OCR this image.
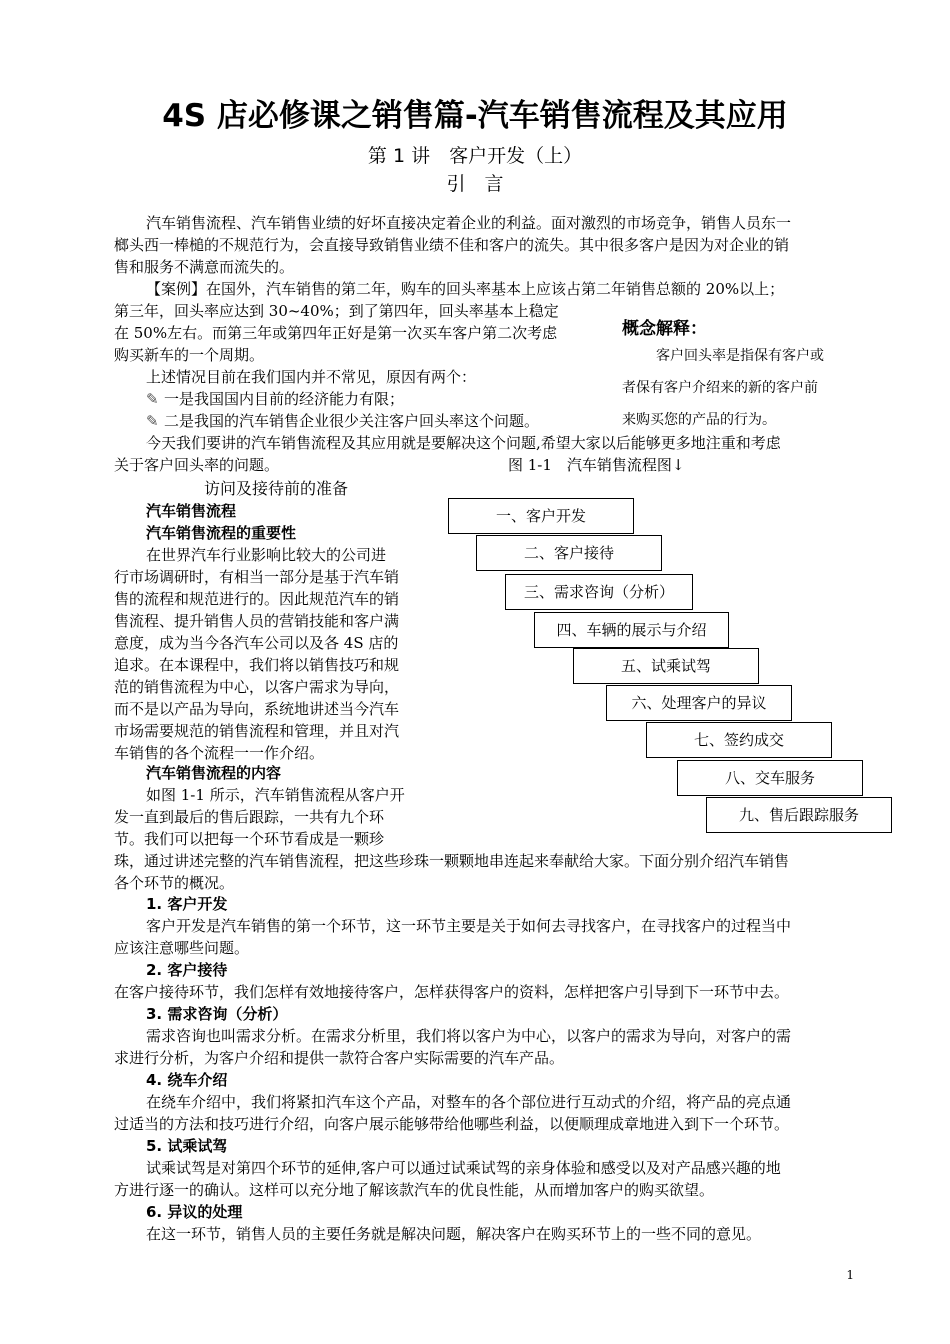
4S 店必修课之销售篇-汽车销售流程及其应用
第 1 讲　客户开发（上）
引　言
汽车销售流程、汽车销售业绩的好坏直接决定着企业的利益。面对激烈的市场竞争，销售人员东一
榔头西一棒槌的不规范行为，会直接导致销售业绩不佳和客户的流失。其中很多客户是因为对企业的销
售和服务不满意而流失的。
【案例】在国外，汽车销售的第二年，购车的回头率基本上应该占第二年销售总额的 20%以上；
第三年，回头率应达到 30~40%；到了第四年，回头率基本上稳定
在 50%左右。而第三年或第四年正好是第一次买车客户第二次考虑
购买新车的一个周期。
上述情况目前在我们国内并不常见，原因有两个：
✎ 一是我国国内目前的经济能力有限；
✎ 二是我国的汽车销售企业很少关注客户回头率这个问题。
今天我们要讲的汽车销售流程及其应用就是要解决这个问题,希望大家以后能够更多地注重和考虑
关于客户回头率的问题。
概念解释：
客户回头率是指保有客户或
者保有客户介绍来的新的客户前
来购买您的产品的行为。
图 1-1　汽车销售流程图↓
访问及接待前的准备
汽车销售流程
汽车销售流程的重要性
在世界汽车行业影响比较大的公司进
行市场调研时，有相当一部分是基于汽车销
售的流程和规范进行的。因此规范汽车的销
售流程、提升销售人员的营销技能和客户满
意度，成为当今各汽车公司以及各 4S 店的
追求。在本课程中，我们将以销售技巧和规
范的销售流程为中心，以客户需求为导向，
而不是以产品为导向，系统地讲述当今汽车
市场需要规范的销售流程和管理，并且对汽
车销售的各个流程一一作介绍。
汽车销售流程的内容
如图 1-1 所示，汽车销售流程从客户开
发一直到最后的售后跟踪，一共有九个环
节。我们可以把每一个环节看成是一颗珍
珠，通过讲述完整的汽车销售流程，把这些珍珠一颗颗地串连起来奉献给大家。下面分别介绍汽车销售
各个环节的概况。
一、客户开发
二、客户接待
三、需求咨询（分析）
四、车辆的展示与介绍
五、试乘试驾
六、处理客户的异议
七、签约成交
八、交车服务
九、售后跟踪服务
1. 客户开发
客户开发是汽车销售的第一个环节，这一环节主要是关于如何去寻找客户，在寻找客户的过程当中
应该注意哪些问题。
2. 客户接待
在客户接待环节，我们怎样有效地接待客户，怎样获得客户的资料，怎样把客户引导到下一环节中去。
3. 需求咨询（分析）
需求咨询也叫需求分析。在需求分析里，我们将以客户为中心，以客户的需求为导向，对客户的需
求进行分析，为客户介绍和提供一款符合客户实际需要的汽车产品。
4. 绕车介绍
在绕车介绍中，我们将紧扣汽车这个产品，对整车的各个部位进行互动式的介绍，将产品的亮点通
过适当的方法和技巧进行介绍，向客户展示能够带给他哪些利益，以便顺理成章地进入到下一个环节。
5. 试乘试驾
试乘试驾是对第四个环节的延伸,客户可以通过试乘试驾的亲身体验和感受以及对产品感兴趣的地
方进行逐一的确认。这样可以充分地了解该款汽车的优良性能，从而增加客户的购买欲望。
6. 异议的处理
在这一环节，销售人员的主要任务就是解决问题，解决客户在购买环节上的一些不同的意见。
1
